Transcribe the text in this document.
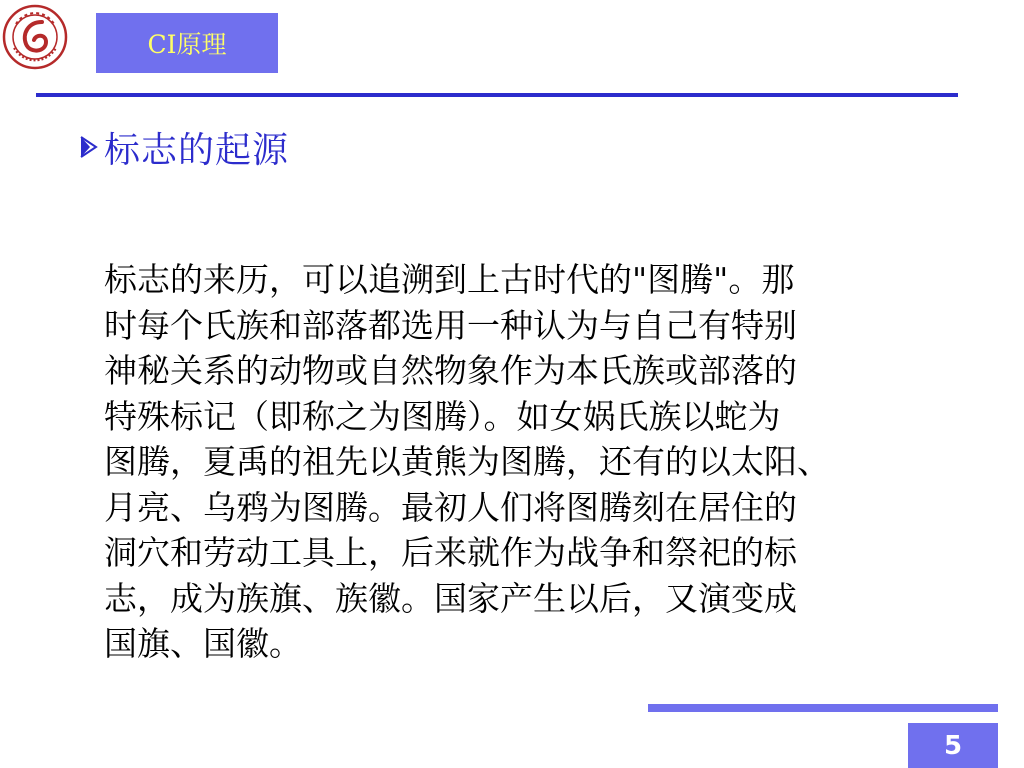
CI原理
标志的起源
标志的来历，可以追溯到上古时代的"图腾"。那
时每个氏族和部落都选用一种认为与自己有特别
神秘关系的动物或自然物象作为本氏族或部落的
特殊标记（即称之为图腾）。如女娲氏族以蛇为
图腾，夏禹的祖先以黄熊为图腾，还有的以太阳、
月亮、乌鸦为图腾。最初人们将图腾刻在居住的
洞穴和劳动工具上，后来就作为战争和祭祀的标
志，成为族旗、族徽。国家产生以后，又演变成
国旗、国徽。
5
